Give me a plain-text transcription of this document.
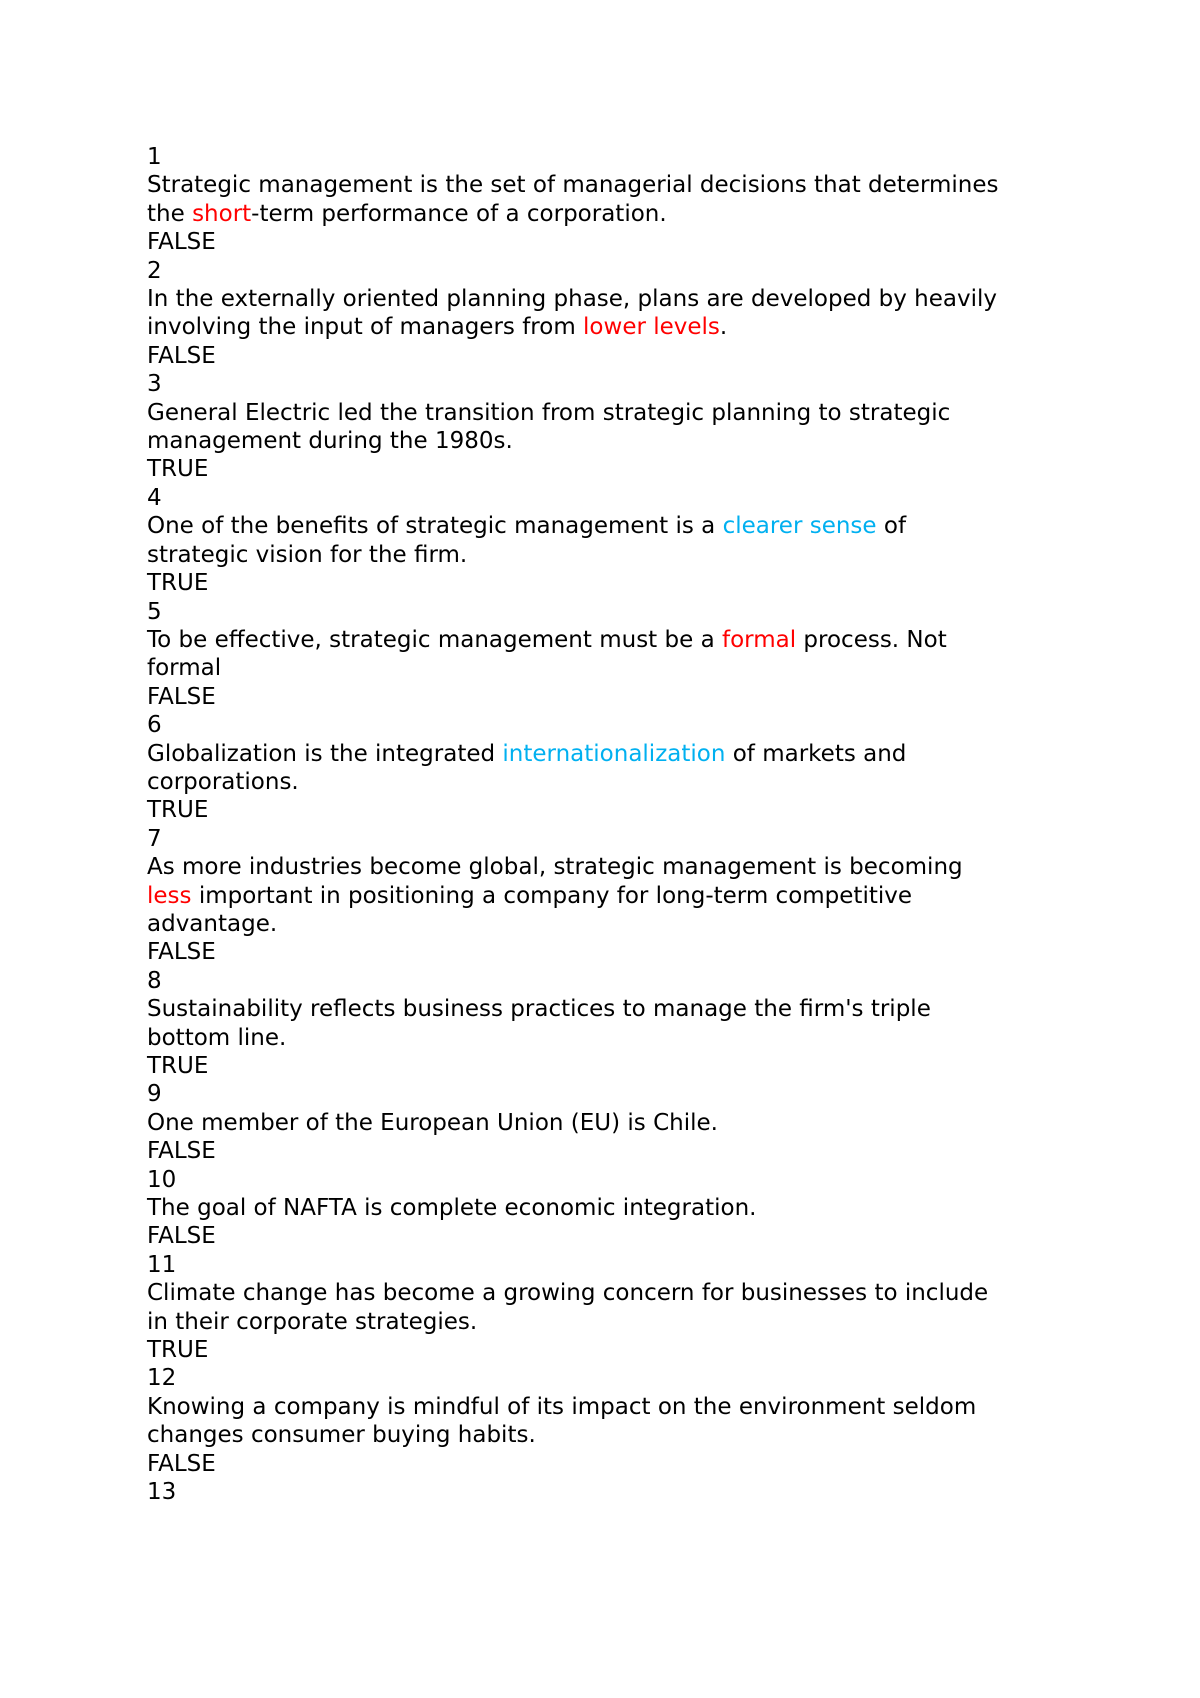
1
Strategic management is the set of managerial decisions that determines
the short-term performance of a corporation.
FALSE
2
In the externally oriented planning phase, plans are developed by heavily
involving the input of managers from lower levels.
FALSE
3
General Electric led the transition from strategic planning to strategic
management during the 1980s.
TRUE
4
One of the benefits of strategic management is a clearer sense of
strategic vision for the firm.
TRUE
5
To be effective, strategic management must be a formal process. Not
formal
FALSE
6
Globalization is the integrated internationalization of markets and
corporations.
TRUE
7
As more industries become global, strategic management is becoming
less important in positioning a company for long-term competitive
advantage.
FALSE
8
Sustainability reflects business practices to manage the firm's triple
bottom line.
TRUE
9
One member of the European Union (EU) is Chile.
FALSE
10
The goal of NAFTA is complete economic integration.
FALSE
11
Climate change has become a growing concern for businesses to include
in their corporate strategies.
TRUE
12
Knowing a company is mindful of its impact on the environment seldom
changes consumer buying habits.
FALSE
13
